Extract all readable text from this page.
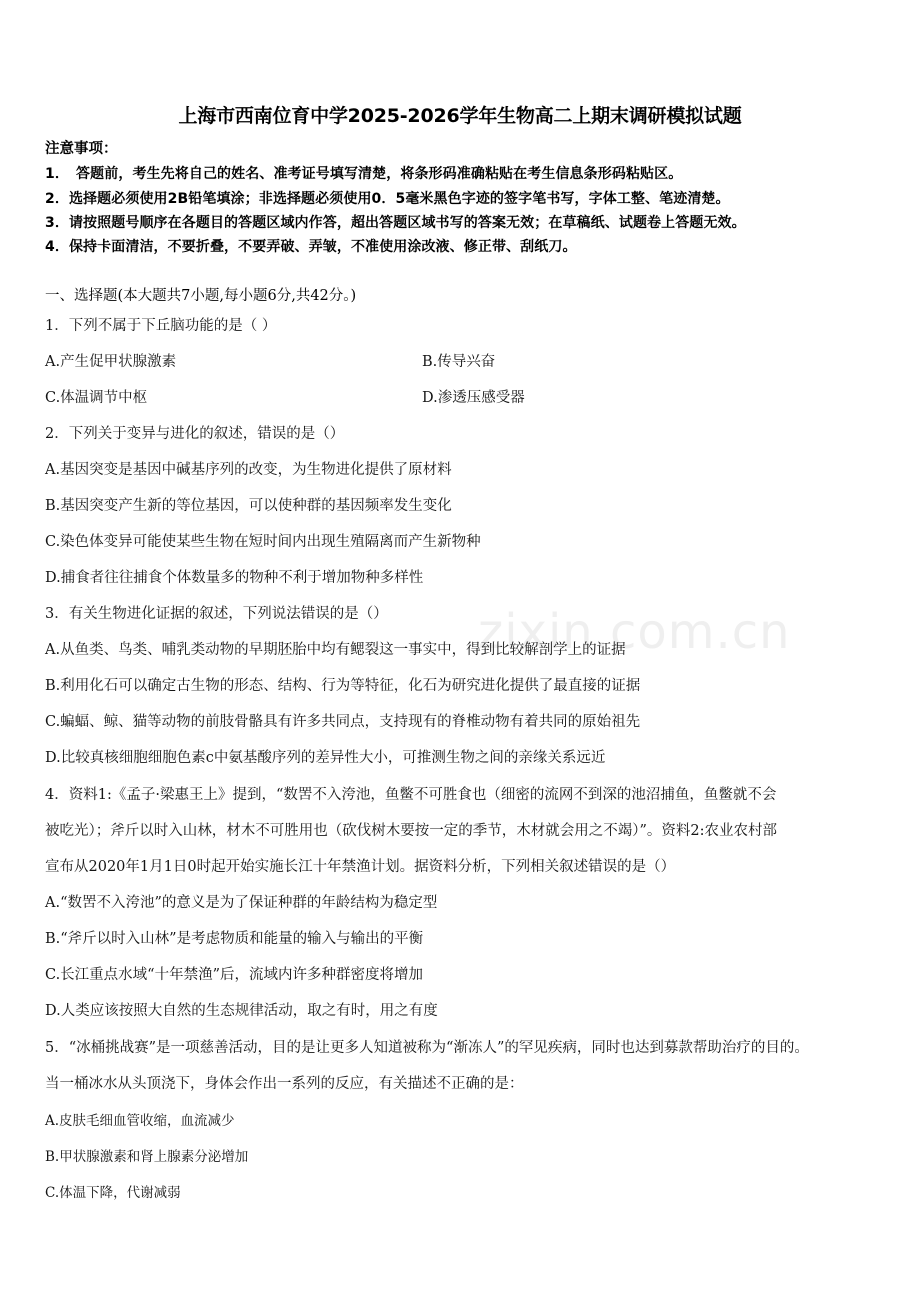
zixin.com.cn
上海市西南位育中学2025-2026学年生物高二上期末调研模拟试题
注意事项：
1．　答题前，考生先将自己的姓名、准考证号填写清楚，将条形码准确粘贴在考生信息条形码粘贴区。
2．选择题必须使用2B铅笔填涂；非选择题必须使用0．5毫米黑色字迹的签字笔书写，字体工整、笔迹清楚。
3．请按照题号顺序在各题目的答题区域内作答，超出答题区域书写的答案无效；在草稿纸、试题卷上答题无效。
4．保持卡面清洁，不要折叠，不要弄破、弄皱，不准使用涂改液、修正带、刮纸刀。
一、选择题(本大题共7小题,每小题6分,共42分。)
1．下列不属于下丘脑功能的是（ ）
A.产生促甲状腺激素	B.传导兴奋
C.体温调节中枢	D.渗透压感受器
2．下列关于变异与进化的叙述，错误的是（）
A.基因突变是基因中碱基序列的改变，为生物进化提供了原材料
B.基因突变产生新的等位基因，可以使种群的基因频率发生变化
C.染色体变异可能使某些生物在短时间内出现生殖隔离而产生新物种
D.捕食者往往捕食个体数量多的物种不利于增加物种多样性
3．有关生物进化证据的叙述，下列说法错误的是（）
A.从鱼类、鸟类、哺乳类动物的早期胚胎中均有鳃裂这一事实中，得到比较解剖学上的证据
B.利用化石可以确定古生物的形态、结构、行为等特征，化石为研究进化提供了最直接的证据
C.蝙蝠、鲸、猫等动物的前肢骨骼具有许多共同点，支持现有的脊椎动物有着共同的原始祖先
D.比较真核细胞细胞色素c中氨基酸序列的差异性大小，可推测生物之间的亲缘关系远近
4．资料1:《孟子·梁惠王上》提到，“数罟不入洿池，鱼鳖不可胜食也（细密的流网不到深的池沼捕鱼，鱼鳖就不会
被吃光）；斧斤以时入山林，材木不可胜用也（砍伐树木要按一定的季节，木材就会用之不竭）”。资料2:农业农村部
宣布从2020年1月1日0时起开始实施长江十年禁渔计划。据资料分析，下列相关叙述错误的是（）
A.“数罟不入洿池”的意义是为了保证种群的年龄结构为稳定型
B.“斧斤以时入山林”是考虑物质和能量的输入与输出的平衡
C.长江重点水域“十年禁渔”后，流域内许多种群密度将增加
D.人类应该按照大自然的生态规律活动，取之有时，用之有度
5．“冰桶挑战赛”是一项慈善活动，目的是让更多人知道被称为“渐冻人”的罕见疾病，同时也达到募款帮助治疗的目的。
当一桶冰水从头顶浇下，身体会作出一系列的反应，有关描述不正确的是：
A.皮肤毛细血管收缩，血流减少
B.甲状腺激素和肾上腺素分泌增加
C.体温下降，代谢减弱
